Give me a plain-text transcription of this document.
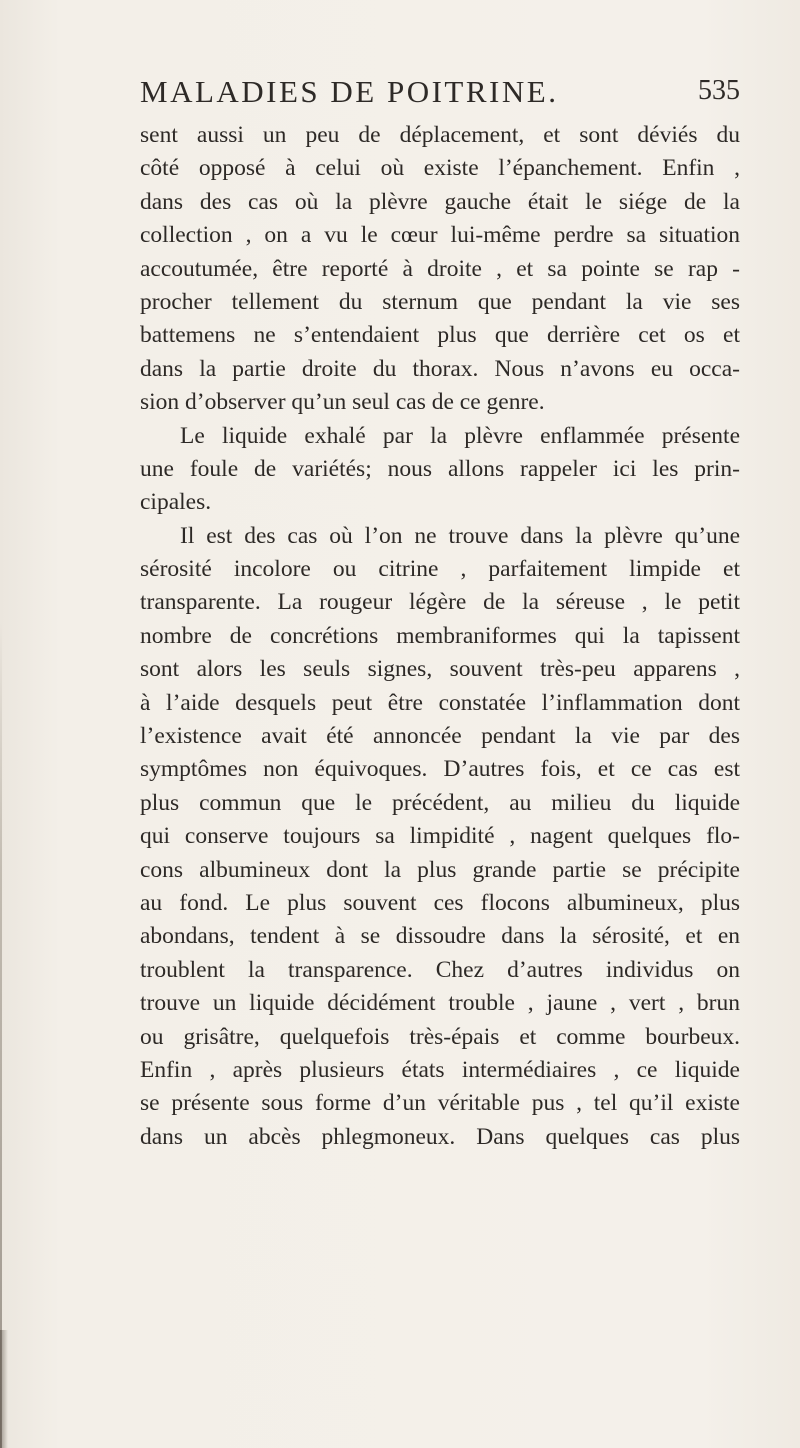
MALADIES DE POITRINE.	535
sent aussi un peu de déplacement, et sont déviés du
côté opposé à celui où existe l’épanchement. Enfin ,
dans des cas où la plèvre gauche était le siége de la
collection , on a vu le cœur lui-même perdre sa situation
accoutumée, être reporté à droite , et sa pointe se rap -
procher tellement du sternum que pendant la vie ses
battemens ne s’entendaient plus que derrière cet os et
dans la partie droite du thorax. Nous n’avons eu occa-
sion d’observer qu’un seul cas de ce genre.
Le liquide exhalé par la plèvre enflammée présente
une foule de variétés; nous allons rappeler ici les prin-
cipales.
Il est des cas où l’on ne trouve dans la plèvre qu’une
sérosité incolore ou citrine , parfaitement limpide et
transparente. La rougeur légère de la séreuse , le petit
nombre de concrétions membraniformes qui la tapissent
sont alors les seuls signes, souvent très-peu apparens ,
à l’aide desquels peut être constatée l’inflammation dont
l’existence avait été annoncée pendant la vie par des
symptômes non équivoques. D’autres fois, et ce cas est
plus commun que le précédent, au milieu du liquide
qui conserve toujours sa limpidité , nagent quelques flo-
cons albumineux dont la plus grande partie se précipite
au fond. Le plus souvent ces flocons albumineux, plus
abondans, tendent à se dissoudre dans la sérosité, et en
troublent la transparence. Chez d’autres individus on
trouve un liquide décidément trouble , jaune , vert , brun
ou grisâtre, quelquefois très-épais et comme bourbeux.
Enfin , après plusieurs états intermédiaires , ce liquide
se présente sous forme d’un véritable pus , tel qu’il existe
dans un abcès phlegmoneux. Dans quelques cas plus
